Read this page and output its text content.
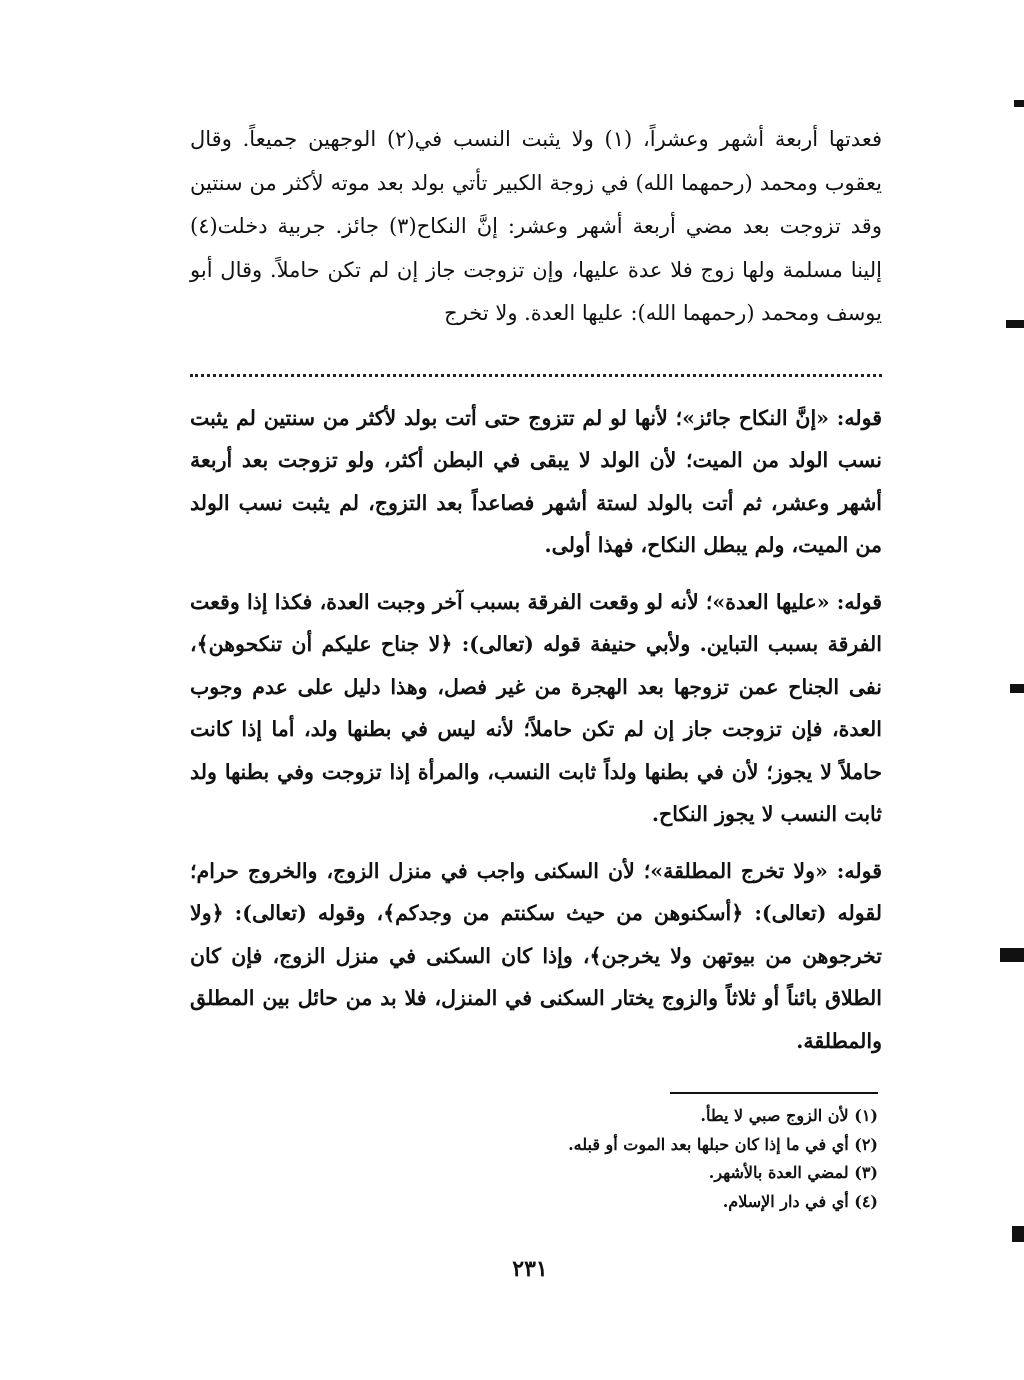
فعدتها أربعة أشهر وعشراً، (١) ولا يثبت النسب في(٢) الوجهين جميعاً. وقال يعقوب ومحمد (رحمهما الله) في زوجة الكبير تأتي بولد بعد موته لأكثر من سنتين وقد تزوجت بعد مضي أربعة أشهر وعشر: إنَّ النكاح(٣) جائز. جربية دخلت(٤) إلينا مسلمة ولها زوج فلا عدة عليها، وإن تزوجت جاز إن لم تكن حاملاً. وقال أبو يوسف ومحمد (رحمهما الله): عليها العدة. ولا تخرج

قوله: «إنَّ النكاح جائز»؛ لأنها لو لم تتزوج حتى أتت بولد لأكثر من سنتين لم يثبت نسب الولد من الميت؛ لأن الولد لا يبقى في البطن أكثر، ولو تزوجت بعد أربعة أشهر وعشر، ثم أتت بالولد لستة أشهر فصاعداً بعد التزوج، لم يثبت نسب الولد من الميت، ولم يبطل النكاح، فهذا أولى.

قوله: «عليها العدة»؛ لأنه لو وقعت الفرقة بسبب آخر وجبت العدة، فكذا إذا وقعت الفرقة بسبب التباين. ولأبي حنيفة قوله (تعالى): ﴿لا جناح عليكم أن تنكحوهن﴾، نفى الجناح عمن تزوجها بعد الهجرة من غير فصل، وهذا دليل على عدم وجوب العدة، فإن تزوجت جاز إن لم تكن حاملاً؛ لأنه ليس في بطنها ولد، أما إذا كانت حاملاً لا يجوز؛ لأن في بطنها ولداً ثابت النسب، والمرأة إذا تزوجت وفي بطنها ولد ثابت النسب لا يجوز النكاح.

قوله: «ولا تخرج المطلقة»؛ لأن السكنى واجب في منزل الزوج، والخروج حرام؛ لقوله (تعالى): ﴿أسكنوهن من حيث سكنتم من وجدكم﴾، وقوله (تعالى): ﴿ولا تخرجوهن من بيوتهن ولا يخرجن﴾، وإذا كان السكنى في منزل الزوج، فإن كان الطلاق بائناً أو ثلاثاً والزوج يختار السكنى في المنزل، فلا بد من حائل بين المطلق والمطلقة.

(١) لأن الزوج صبي لا يطأ.
(٢) أي في ما إذا كان حبلها بعد الموت أو قبله.
(٣) لمضي العدة بالأشهر.
(٤) أي في دار الإسلام.
٢٣١
